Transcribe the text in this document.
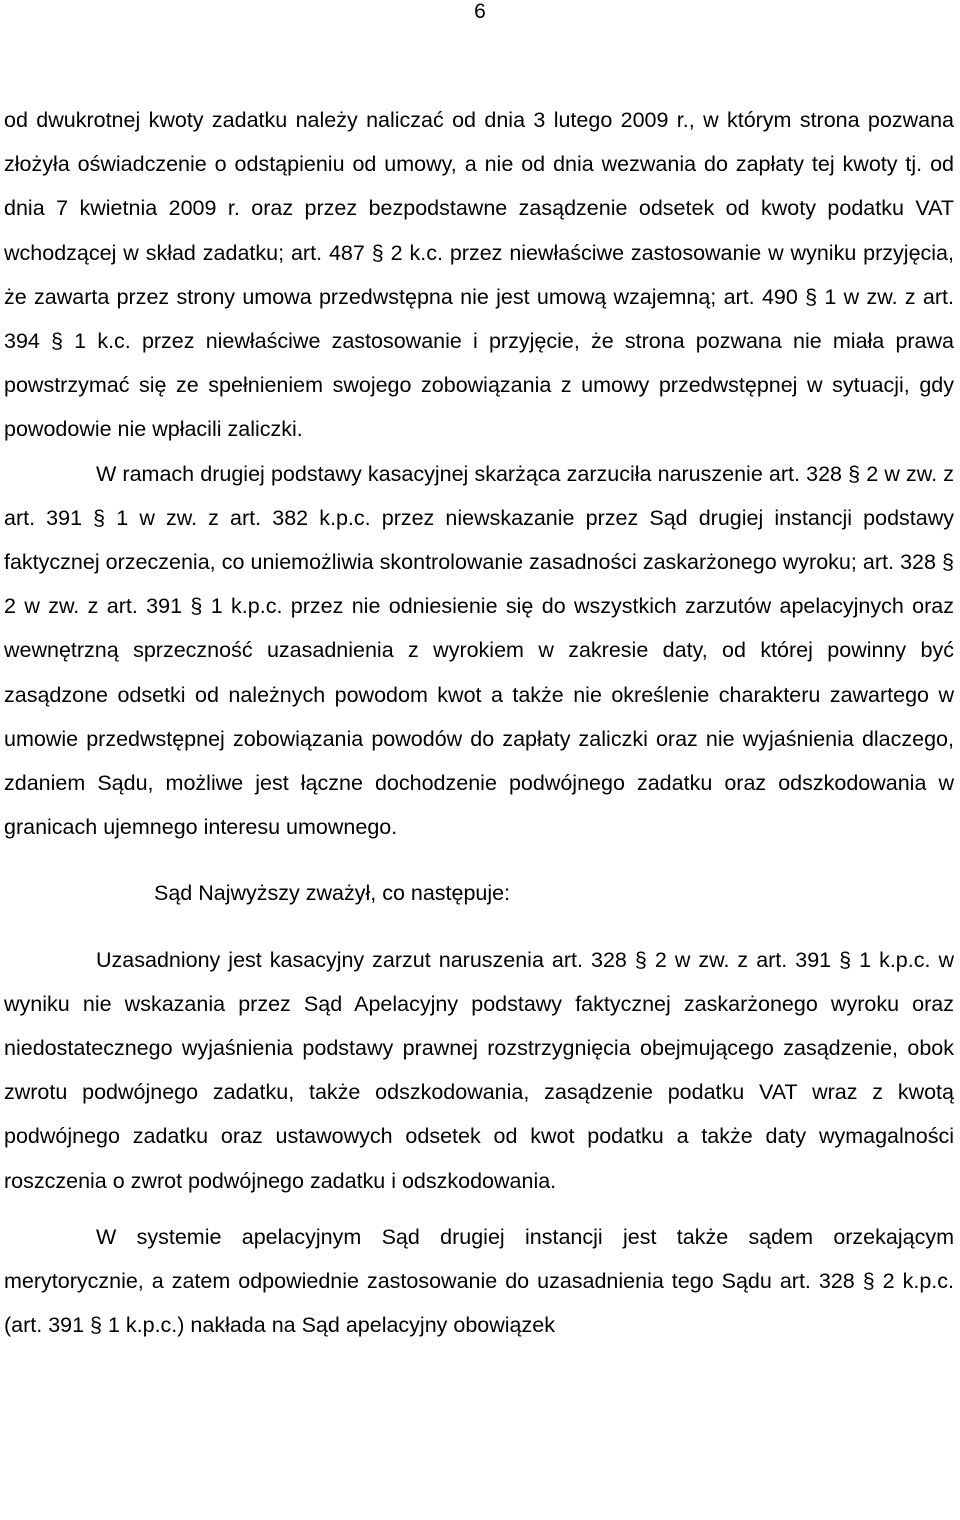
6

od dwukrotnej kwoty zadatku należy naliczać od dnia 3 lutego 2009 r., w którym strona pozwana złożyła oświadczenie o odstąpieniu od umowy, a nie od dnia wezwania do zapłaty tej kwoty tj. od dnia 7 kwietnia 2009 r. oraz przez bezpodstawne zasądzenie odsetek od kwoty podatku VAT wchodzącej w skład zadatku; art. 487 § 2 k.c. przez niewłaściwe zastosowanie w wyniku przyjęcia, że zawarta przez strony umowa przedwstępna nie jest umową wzajemną; art. 490 § 1 w zw. z art. 394 § 1 k.c. przez niewłaściwe zastosowanie i przyjęcie, że strona pozwana nie miała prawa powstrzymać się ze spełnieniem swojego zobowiązania z umowy przedwstępnej w sytuacji, gdy powodowie nie wpłacili zaliczki.

W ramach drugiej podstawy kasacyjnej skarżąca zarzuciła naruszenie art. 328 § 2 w zw. z art. 391 § 1 w zw. z art. 382 k.p.c. przez niewskazanie przez Sąd drugiej instancji podstawy faktycznej orzeczenia, co uniemożliwia skontrolowanie zasadności zaskarżonego wyroku; art. 328 § 2 w zw. z art. 391 § 1 k.p.c. przez nie odniesienie się do wszystkich zarzutów apelacyjnych oraz wewnętrzną sprzeczność uzasadnienia z wyrokiem w zakresie daty, od której powinny być zasądzone odsetki od należnych powodom kwot a także nie określenie charakteru zawartego w umowie przedwstępnej zobowiązania powodów do zapłaty zaliczki oraz nie wyjaśnienia dlaczego, zdaniem Sądu, możliwe jest łączne dochodzenie podwójnego zadatku oraz odszkodowania w granicach ujemnego interesu umownego.

Sąd Najwyższy zważył, co następuje:

Uzasadniony jest kasacyjny zarzut naruszenia art. 328 § 2 w zw. z art. 391 § 1 k.p.c. w wyniku nie wskazania przez Sąd Apelacyjny podstawy faktycznej zaskarżonego wyroku oraz niedostatecznego wyjaśnienia podstawy prawnej rozstrzygnięcia obejmującego zasądzenie, obok zwrotu podwójnego zadatku, także odszkodowania, zasądzenie podatku VAT wraz z kwotą podwójnego zadatku oraz ustawowych odsetek od kwot podatku a także daty wymagalności roszczenia o zwrot podwójnego zadatku i odszkodowania.

W systemie apelacyjnym Sąd drugiej instancji jest także sądem orzekającym merytorycznie, a zatem odpowiednie zastosowanie do uzasadnienia tego Sądu art. 328 § 2 k.p.c. (art. 391 § 1 k.p.c.) nakłada na Sąd apelacyjny obowiązek
